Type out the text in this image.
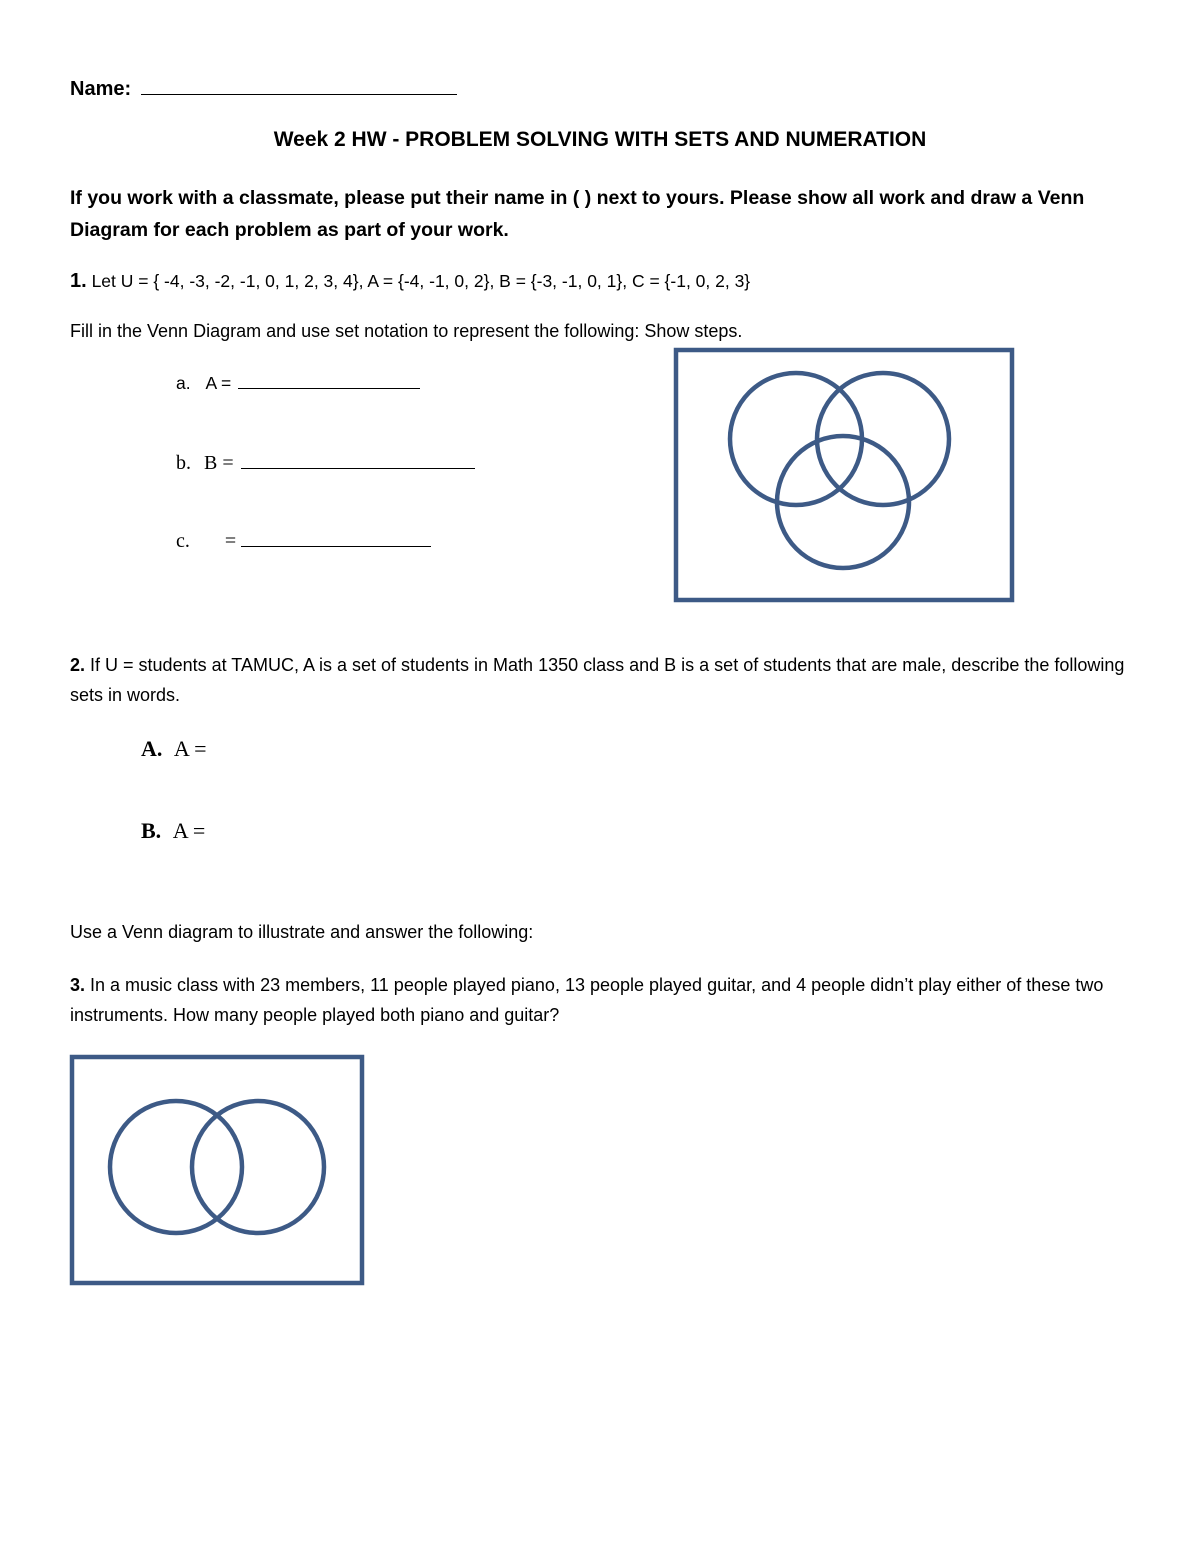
Name:
Week 2 HW - PROBLEM SOLVING WITH SETS AND NUMERATION
If you work with a classmate, please put their name in ( ) next to yours. Please show all work and draw a Venn Diagram for each problem as part of your work.
1. Let U = { -4, -3, -2, -1, 0, 1, 2, 3, 4}, A = {-4, -1, 0, 2}, B = {-3, -1, 0, 1}, C = {-1, 0, 2, 3}
Fill in the Venn Diagram and use set notation to represent the following: Show steps.
a. A =
b. B =
c. =
2. If U = students at TAMUC, A is a set of students in Math 1350 class and B is a set of students that are male, describe the following sets in words.
A. A =
B. A =
Use a Venn diagram to illustrate and answer the following:
3. In a music class with 23 members, 11 people played piano, 13 people played guitar, and 4 people didn’t play either of these two instruments. How many people played both piano and guitar?
